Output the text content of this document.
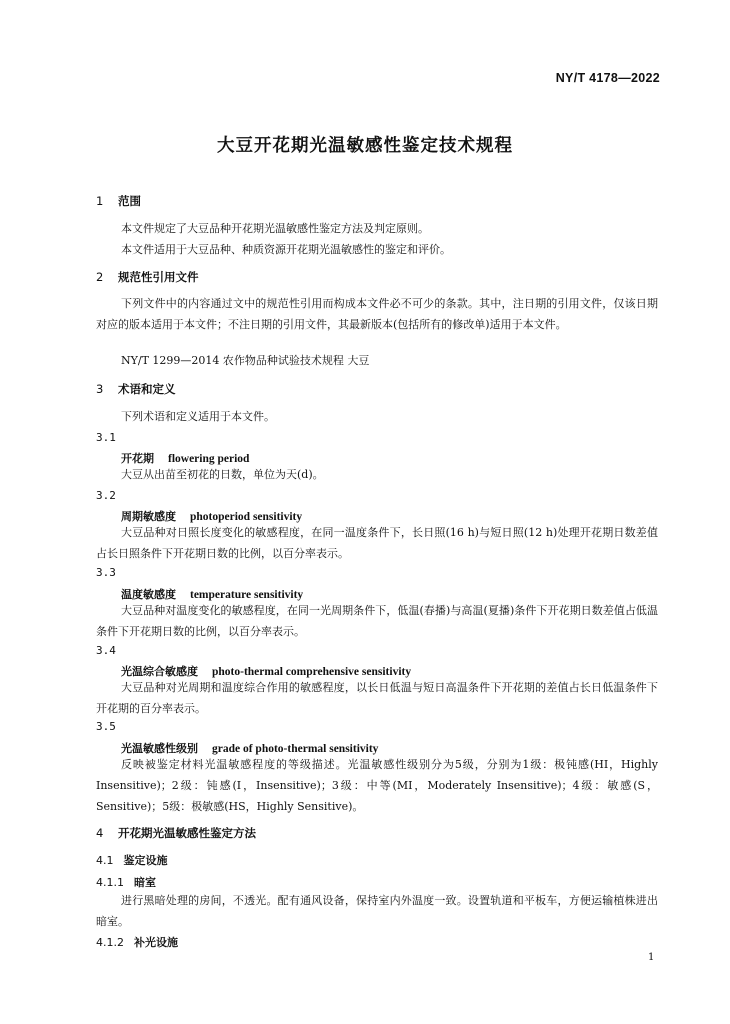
NY/T 4178—2022
大豆开花期光温敏感性鉴定技术规程
1 范围
本文件规定了大豆品种开花期光温敏感性鉴定方法及判定原则。
本文件适用于大豆品种、种质资源开花期光温敏感性的鉴定和评价。
2 规范性引用文件
下列文件中的内容通过文中的规范性引用而构成本文件必不可少的条款。其中，注日期的引用文件，仅该日期对应的版本适用于本文件；不注日期的引用文件，其最新版本(包括所有的修改单)适用于本文件。
NY/T 1299—2014 农作物品种试验技术规程 大豆
3 术语和定义
下列术语和定义适用于本文件。
3.1
开花期 flowering period
大豆从出苗至初花的日数，单位为天(d)。
3.2
周期敏感度 photoperiod sensitivity
大豆品种对日照长度变化的敏感程度，在同一温度条件下，长日照(16 h)与短日照(12 h)处理开花期日数差值占长日照条件下开花期日数的比例，以百分率表示。
3.3
温度敏感度 temperature sensitivity
大豆品种对温度变化的敏感程度，在同一光周期条件下，低温(春播)与高温(夏播)条件下开花期日数差值占低温条件下开花期日数的比例，以百分率表示。
3.4
光温综合敏感度 photo-thermal comprehensive sensitivity
大豆品种对光周期和温度综合作用的敏感程度，以长日低温与短日高温条件下开花期的差值占长日低温条件下开花期的百分率表示。
3.5
光温敏感性级别 grade of photo-thermal sensitivity
反映被鉴定材料光温敏感程度的等级描述。光温敏感性级别分为5级，分别为1级：极钝感(HI，Highly Insensitive)；2级：钝感(I，Insensitive)；3级：中等(MI，Moderately Insensitive)；4级：敏感(S，Sensitive)；5级：极敏感(HS，Highly Sensitive)。
4 开花期光温敏感性鉴定方法
4.1 鉴定设施
4.1.1 暗室
进行黑暗处理的房间，不透光。配有通风设备，保持室内外温度一致。设置轨道和平板车，方便运输植株进出暗室。
4.1.2 补光设施
1
